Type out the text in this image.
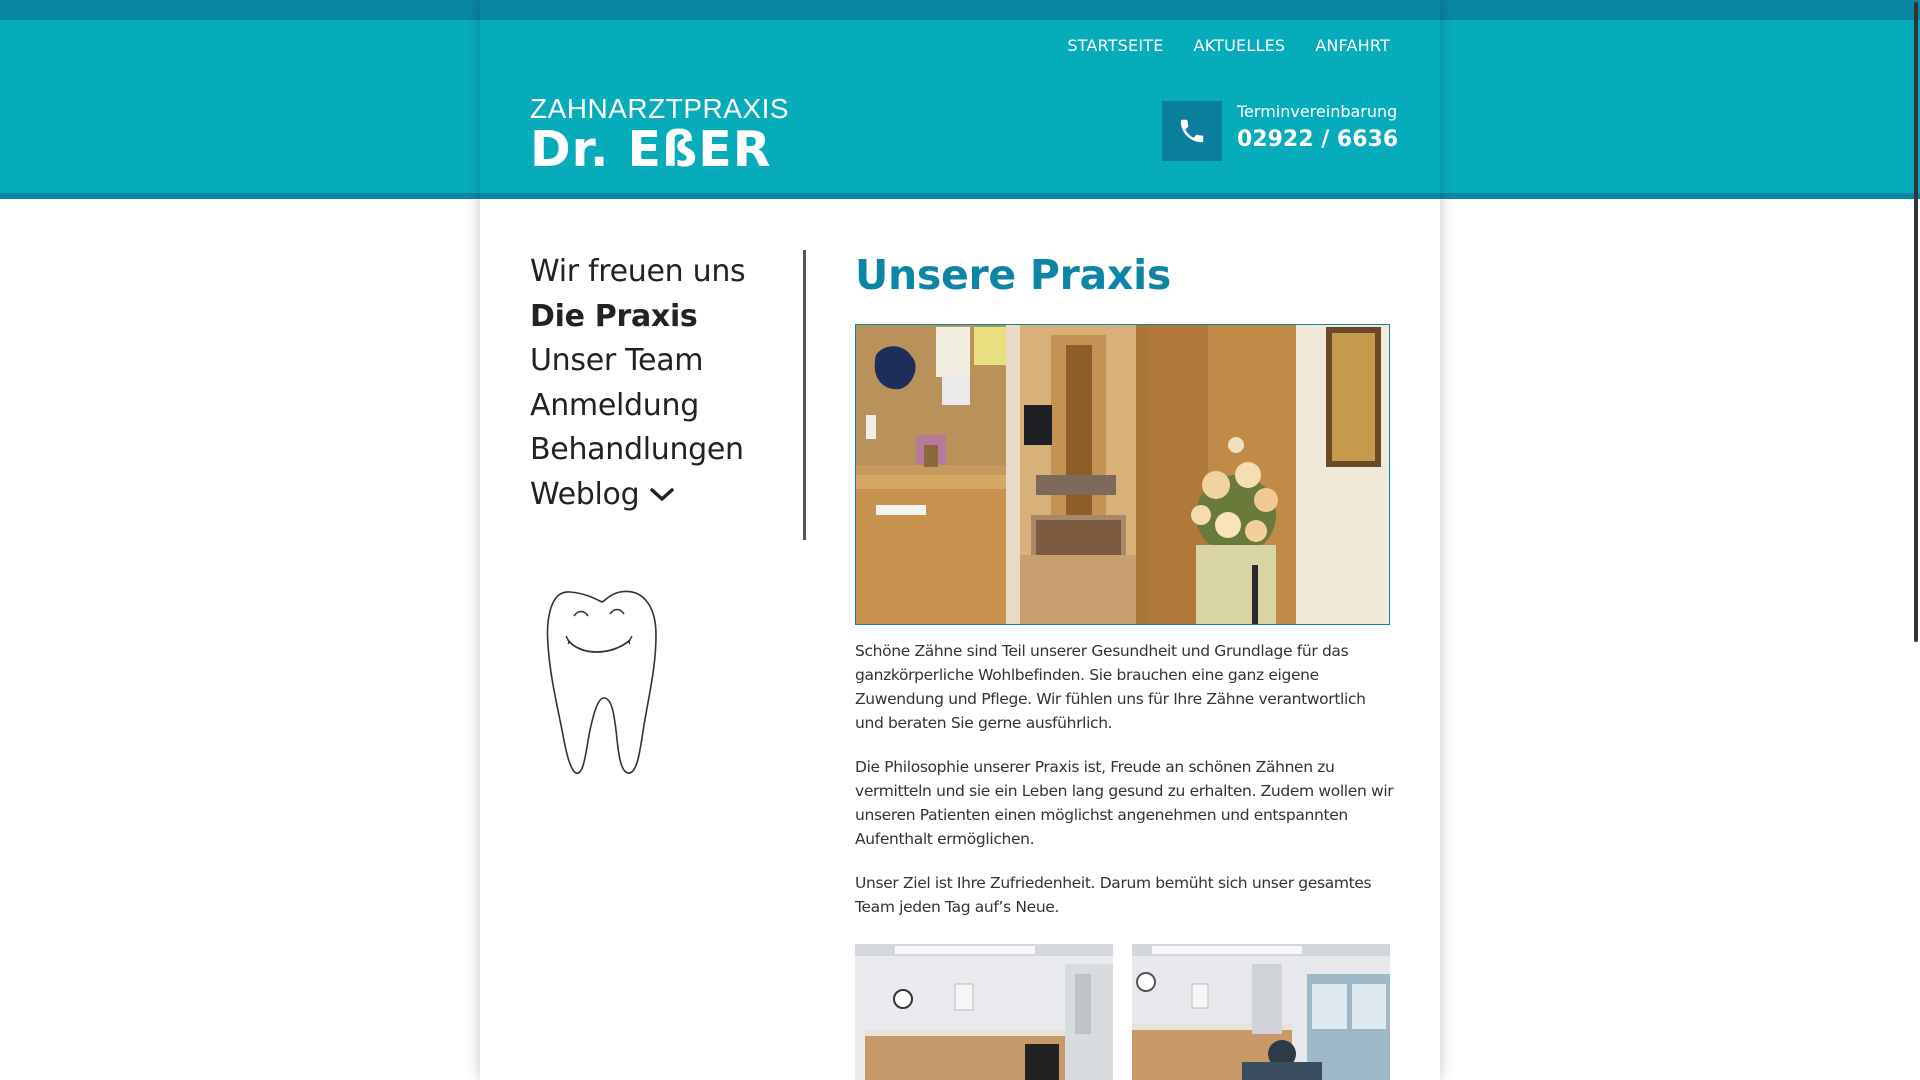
STARTSEITE AKTUELLES ANFAHRT
ZAHNARZTPRAXIS
Dr. EßER
Terminvereinbarung
02922 / 6636
Wir freuen uns
Die Praxis
Unser Team
Anmeldung
Behandlungen
Weblog
Unsere Praxis

Schöne Zähne sind Teil unserer Gesundheit und Grundlage für das ganzkörperliche Wohlbefinden. Sie brauchen eine ganz eigene Zuwendung und Pflege. Wir fühlen uns für Ihre Zähne verantwortlich und beraten Sie gerne ausführlich.

Die Philosophie unserer Praxis ist, Freude an schönen Zähnen zu vermitteln und sie ein Leben lang gesund zu erhalten. Zudem wollen wir unseren Patienten einen möglichst angenehmen und entspannten Aufenthalt ermöglichen.

Unser Ziel ist Ihre Zufriedenheit. Darum bemüht sich unser gesamtes Team jeden Tag auf’s Neue.
